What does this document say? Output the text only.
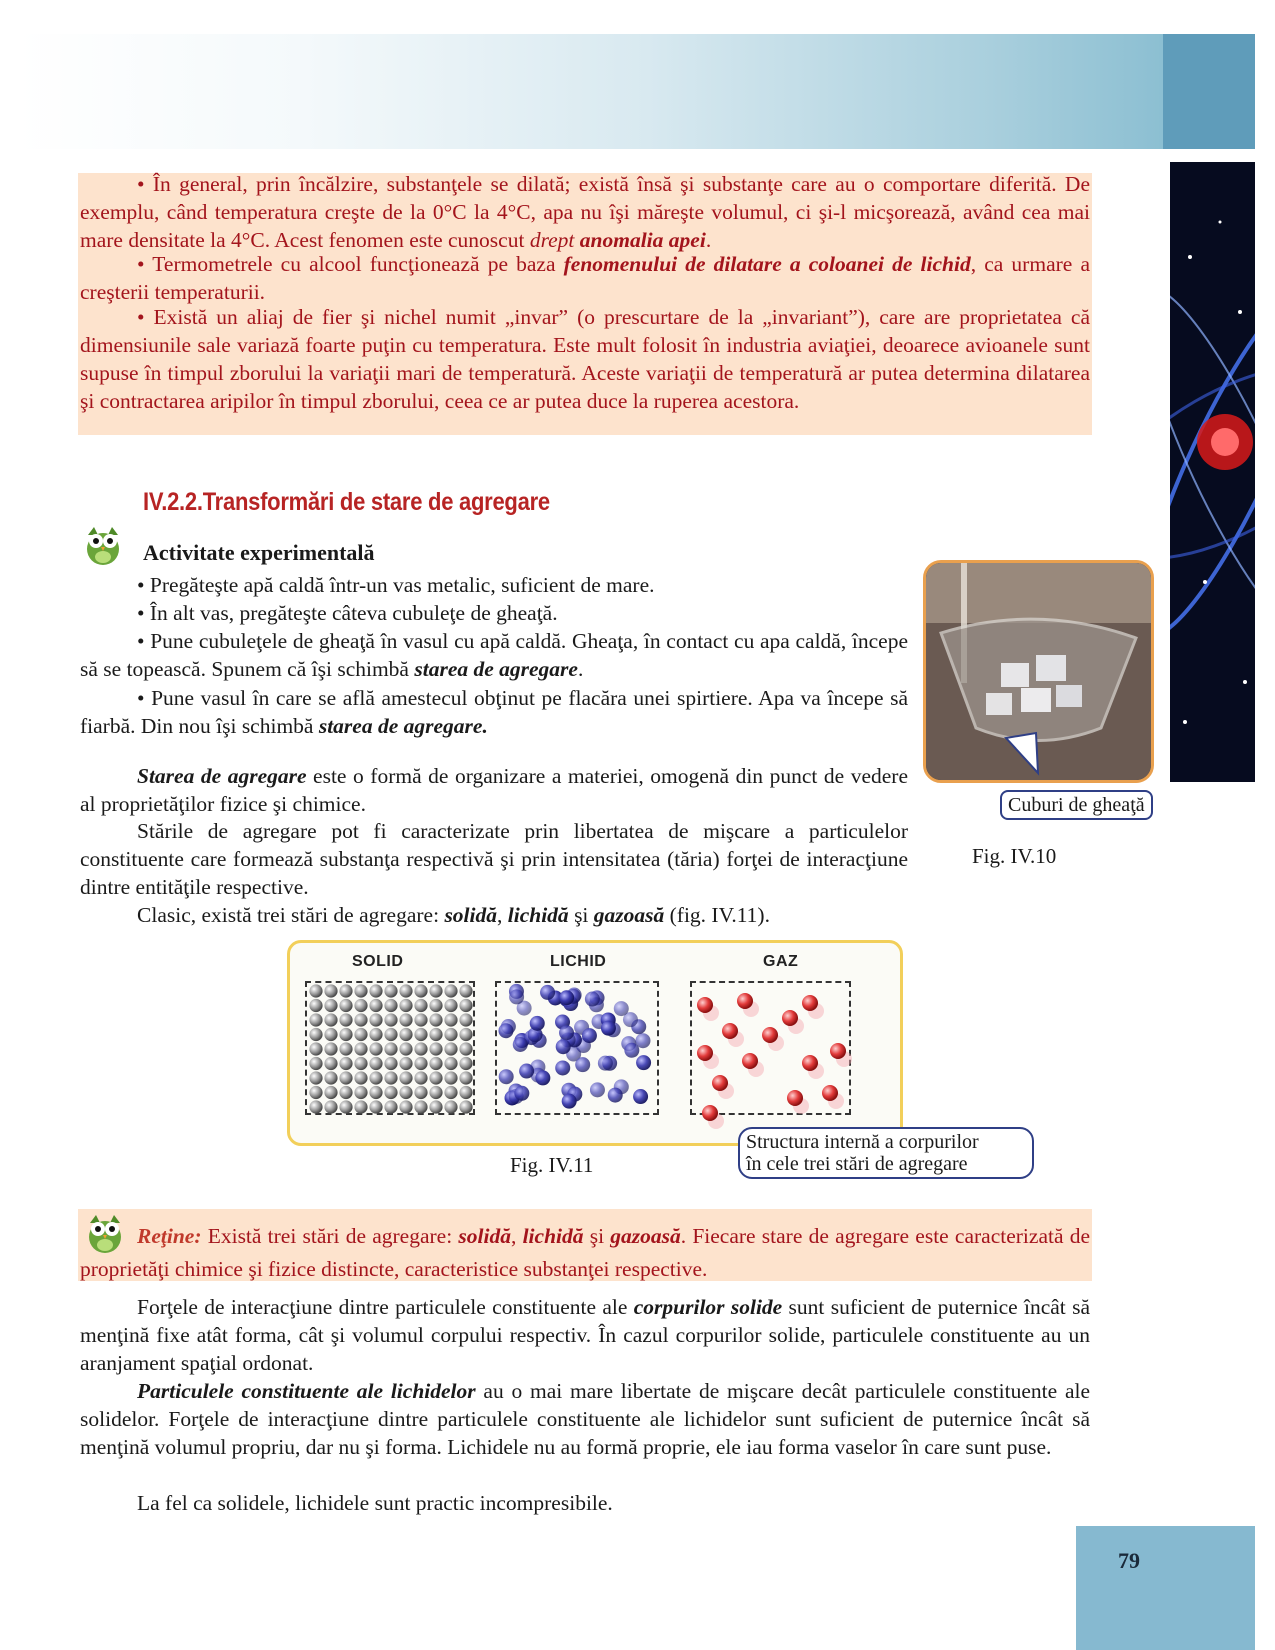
• În general, prin încălzire, substanţele se dilată; există însă şi substanţe care au o comportare diferită. De exemplu, când temperatura creşte de la 0°C la 4°C, apa nu îşi măreşte volumul, ci şi-l micşorează, având cea mai mare densitate la 4°C. Acest fenomen este cunoscut drept anomalia apei.

• Termometrele cu alcool funcţionează pe baza fenomenului de dilatare a coloanei de lichid, ca urmare a creşterii temperaturii.

• Există un aliaj de fier şi nichel numit „invar” (o prescurtare de la „invariant”), care are proprietatea că dimensiunile sale variază foarte puţin cu temperatura. Este mult folosit în industria aviaţiei, deoarece avioanele sunt supuse în timpul zborului la variaţii mari de temperatură. Aceste variaţii de temperatură ar putea determina dilatarea şi contractarea aripilor în timpul zborului, ceea ce ar putea duce la ruperea acestora.

IV.2.2.Transformări de stare de agregare
Activitate experimentală

• Pregăteşte apă caldă într-un vas metalic, suficient de mare.

• În alt vas, pregăteşte câteva cubuleţe de gheaţă.

• Pune cubuleţele de gheaţă în vasul cu apă caldă. Gheaţa, în contact cu apa caldă, începe să se topească. Spunem că îşi schimbă starea de agregare.

• Pune vasul în care se află amestecul obţinut pe flacăra unei spirtiere. Apa va începe să fiarbă. Din nou îşi schimbă starea de agregare.

Cuburi de gheaţă
Fig. IV.10

Starea de agregare este o formă de organizare a materiei, omogenă din punct de vedere al proprietăţilor fizice şi chimice.

Stările de agregare pot fi caracterizate prin libertatea de mişcare a particulelor constituente care formează substanţa respectivă şi prin intensitatea (tăria) forţei de interacţiune dintre entităţile respective.

Clasic, există trei stări de agregare: solidă, lichidă şi gazoasă (fig. IV.11).

SOLID	LICHID	GAZ
Fig. IV.11
Structura internă a corpurilor
în cele trei stări de agregare

Reţine: Există trei stări de agregare: solidă, lichidă şi gazoasă. Fiecare stare de agregare este caracterizată de proprietăţi chimice şi fizice distincte, caracteristice substanţei respective.

Forţele de interacţiune dintre particulele constituente ale corpurilor solide sunt suficient de puternice încât să menţină fixe atât forma, cât şi volumul corpului respectiv. În cazul corpurilor solide, particulele constituente au un aranjament spaţial ordonat.

Particulele constituente ale lichidelor au o mai mare libertate de mişcare decât particulele constituente ale solidelor. Forţele de interacţiune dintre particulele constituente ale lichidelor sunt suficient de puternice încât să menţină volumul propriu, dar nu şi forma. Lichidele nu au formă proprie, ele iau forma vaselor în care sunt puse.

La fel ca solidele, lichidele sunt practic incompresibile.

79
